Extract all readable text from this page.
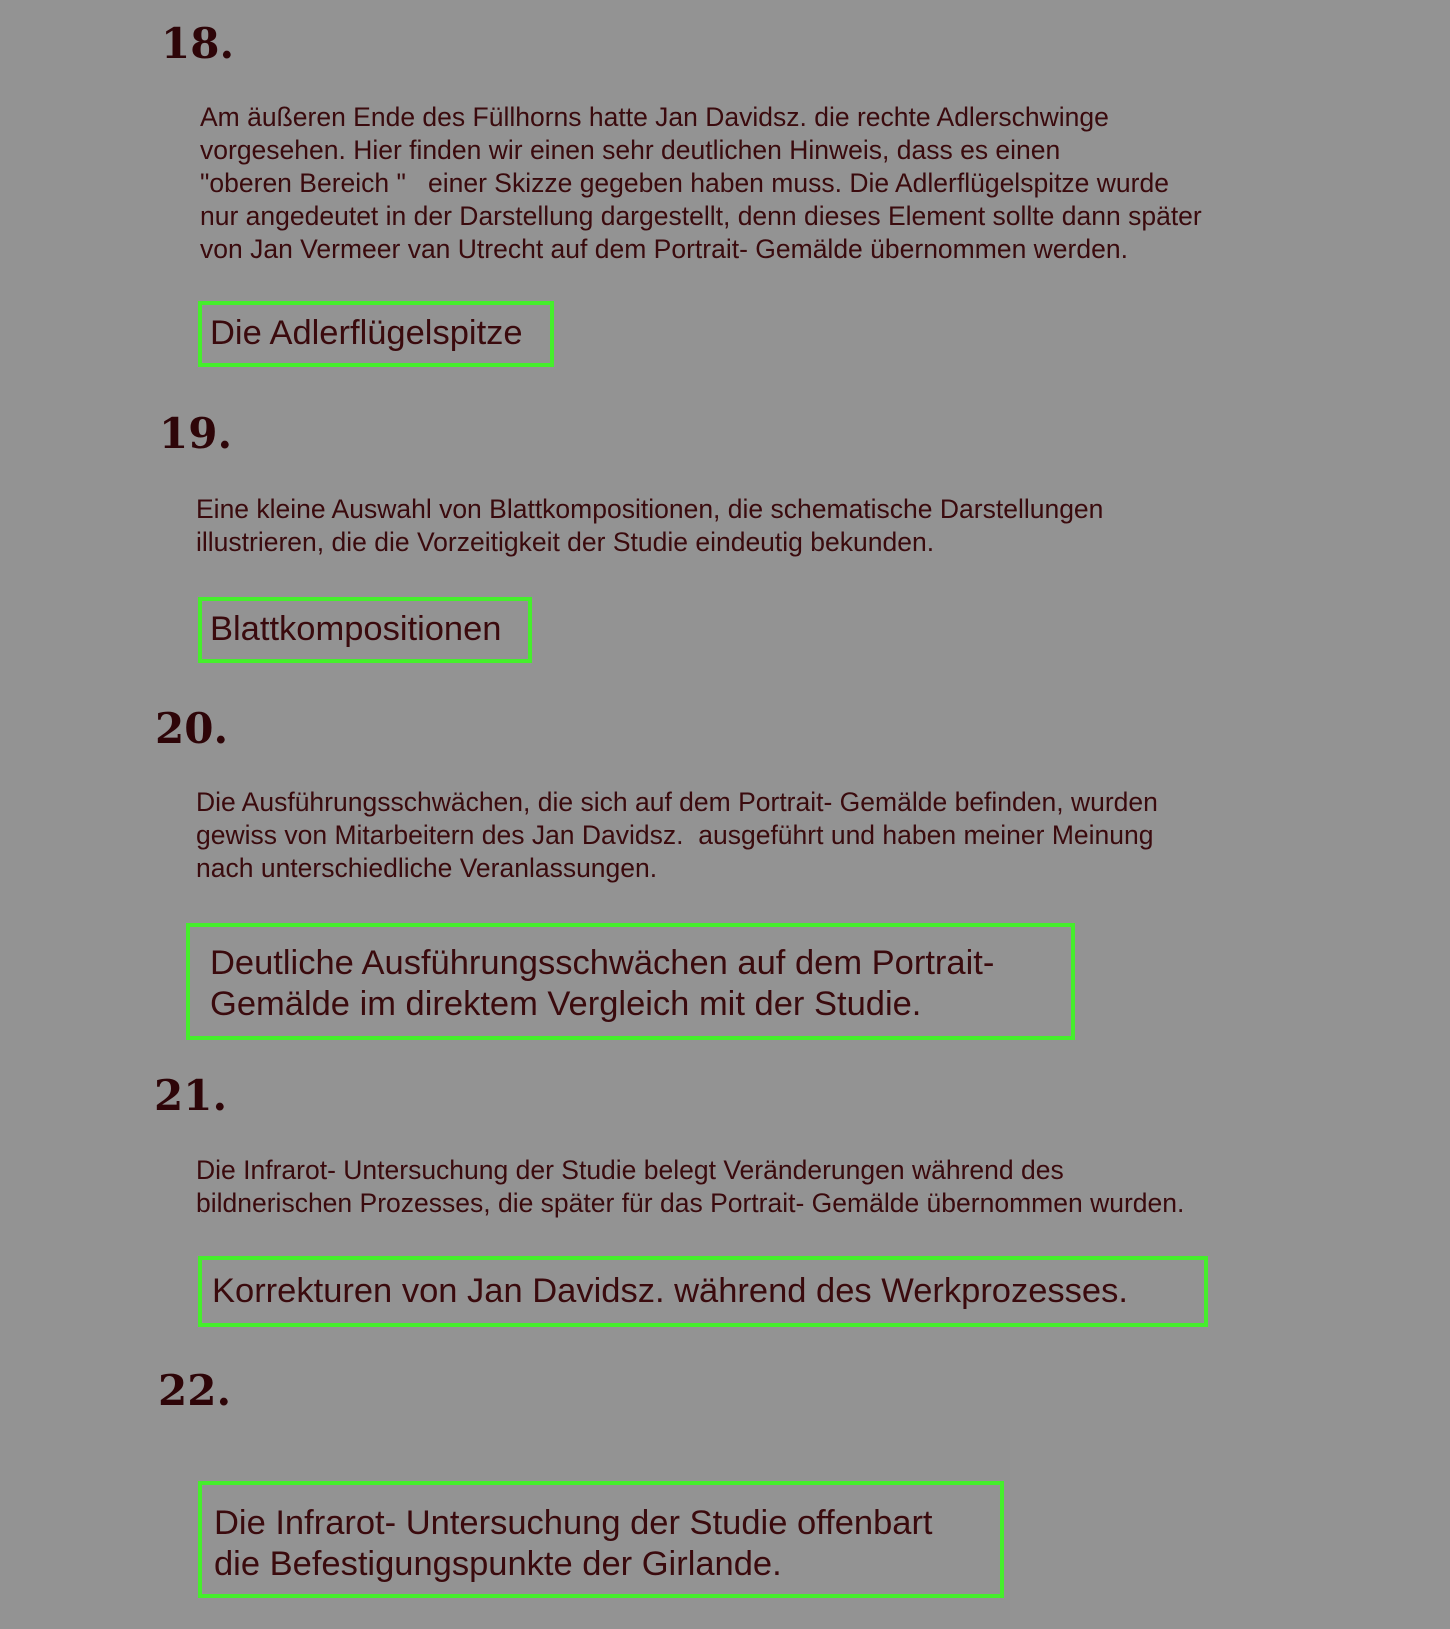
18.
Am äußeren Ende des Füllhorns hatte Jan Davidsz. die rechte Adlerschwinge
vorgesehen. Hier finden wir einen sehr deutlichen Hinweis, dass es einen
"oberen Bereich "   einer Skizze gegeben haben muss. Die Adlerflügelspitze wurde
nur angedeutet in der Darstellung dargestellt, denn dieses Element sollte dann später
von Jan Vermeer van Utrecht auf dem Portrait- Gemälde übernommen werden.
Die Adlerflügelspitze
19.
Eine kleine Auswahl von Blattkompositionen, die schematische Darstellungen
illustrieren, die die Vorzeitigkeit der Studie eindeutig bekunden.
Blattkompositionen
20.
Die Ausführungsschwächen, die sich auf dem Portrait- Gemälde befinden, wurden
gewiss von Mitarbeitern des Jan Davidsz.  ausgeführt und haben meiner Meinung
nach unterschiedliche Veranlassungen.
Deutliche Ausführungsschwächen auf dem Portrait-
Gemälde im direktem Vergleich mit der Studie.
21.
Die Infrarot- Untersuchung der Studie belegt Veränderungen während des
bildnerischen Prozesses, die später für das Portrait- Gemälde übernommen wurden.
Korrekturen von Jan Davidsz. während des Werkprozesses.
22.
Die Infrarot- Untersuchung der Studie offenbart
die Befestigungspunkte der Girlande.
